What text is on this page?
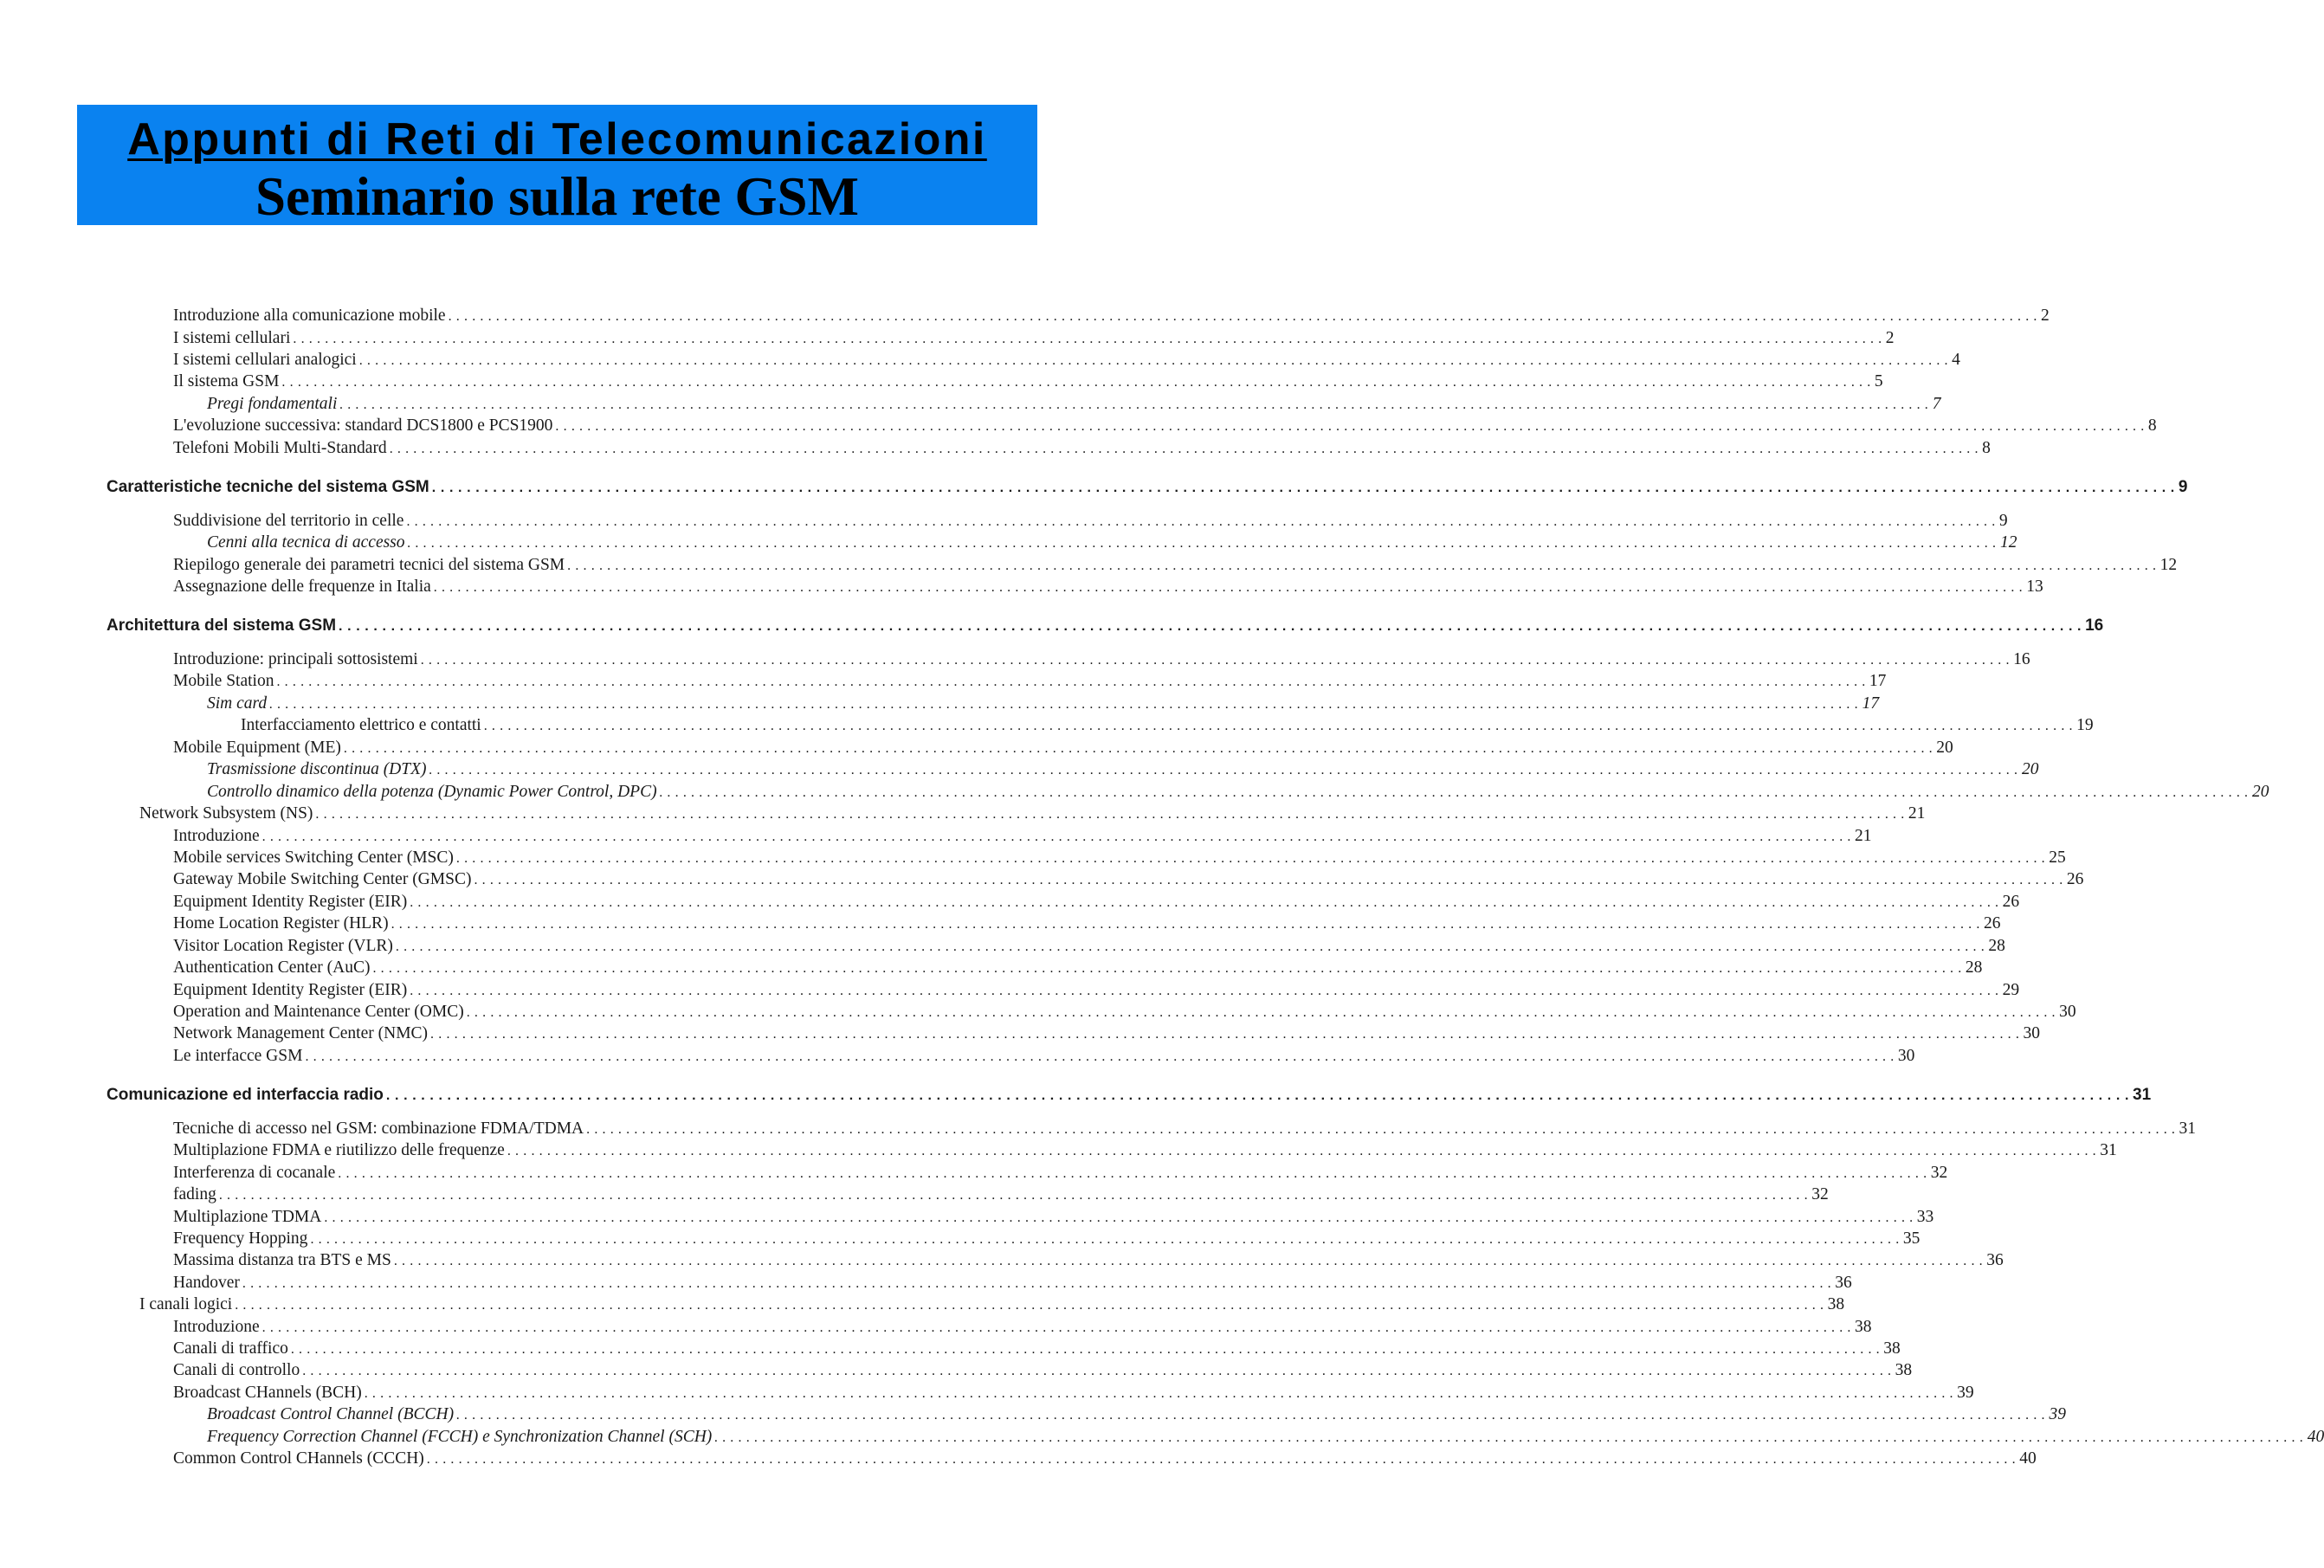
Appunti di Reti di Telecomunicazioni
Seminario sulla rete GSM
Introduzione alla comunicazione mobile . . . . . . . . . . . . . . . . . . . . . . . . . . . . . . . . . . . . . . . . . . . . . . . . . . . . . . . . . . . . . . . . . . . . . . . . . . . . . . . . . . . . . . . . . . . . . . . . . . . . . . . . . . . . . . . . . . . . . . . . . . . . . . . . . . . . . . . . . . . . . . . . . . . . . . . . . . . . . . . . . . . . . . . . . . . . . . . . . . . . . . . . . . . . . . . . . . . . . . . . 2
I sistemi cellulari . . . . . . . . . . . . . . . . . . . . . . . . . . . . . . . . . . . . . . . . . . . . . . . . . . . . . . . . . . . . . . . . . . . . . . . . . . . . . . . . . . . . . . . . . . . . . . . . . . . . . . . . . . . . . . . . . . . . . . . . . . . . . . . . . . . . . . . . . . . . . . . . . . . . . . . . . . . . . . . . . . . . . . . . . . . . . . . . . . . . . . . . . . . . . . . . . . . . . . . . 2
I sistemi cellulari analogici . . . . . . . . . . . . . . . . . . . . . . . . . . . . . . . . . . . . . . . . . . . . . . . . . . . . . . . . . . . . . . . . . . . . . . . . . . . . . . . . . . . . . . . . . . . . . . . . . . . . . . . . . . . . . . . . . . . . . . . . . . . . . . . . . . . . . . . . . . . . . . . . . . . . . . . . . . . . . . . . . . . . . . . . . . . . . . . . . . . . . . . . . . . . . . . . . . . . . . . . 4
Il sistema GSM . . . . . . . . . . . . . . . . . . . . . . . . . . . . . . . . . . . . . . . . . . . . . . . . . . . . . . . . . . . . . . . . . . . . . . . . . . . . . . . . . . . . . . . . . . . . . . . . . . . . . . . . . . . . . . . . . . . . . . . . . . . . . . . . . . . . . . . . . . . . . . . . . . . . . . . . . . . . . . . . . . . . . . . . . . . . . . . . . . . . . . . . . . . . . . . . . . . . . . . . 5
Pregi fondamentali . . . . . . . . . . . . . . . . . . . . . . . . . . . . . . . . . . . . . . . . . . . . . . . . . . . . . . . . . . . . . . . . . . . . . . . . . . . . . . . . . . . . . . . . . . . . . . . . . . . . . . . . . . . . . . . . . . . . . . . . . . . . . . . . . . . . . . . . . . . . . . . . . . . . . . . . . . . . . . . . . . . . . . . . . . . . . . . . . . . . . . . . . . . . . . . . . . . . . . . . 7
L'evoluzione successiva: standard DCS1800 e PCS1900 . . . . . . . . . . . . . . . . . . . . . . . . . . . . . . . . . . . . . . . . . . . . . . . . . . . . . . . . . . . . . . . . . . . . . . . . . . . . . . . . . . . . . . . . . . . . . . . . . . . . . . . . . . . . . . . . . . . . . . . . . . . . . . . . . . . . . . . . . . . . . . . . . . . . . . . . . . . . . . . . . . . . . . . . . . . . . . . . . . . . . . . . . . . . . . . . . . . . . . . . 8
Telefoni Mobili Multi-Standard . . . . . . . . . . . . . . . . . . . . . . . . . . . . . . . . . . . . . . . . . . . . . . . . . . . . . . . . . . . . . . . . . . . . . . . . . . . . . . . . . . . . . . . . . . . . . . . . . . . . . . . . . . . . . . . . . . . . . . . . . . . . . . . . . . . . . . . . . . . . . . . . . . . . . . . . . . . . . . . . . . . . . . . . . . . . . . . . . . . . . . . . . . . . . . . . . . . . . . . . 8
Caratteristiche tecniche del sistema GSM . . . . . . . . . . . . . . . . . . . . . . . . . . . . . . . . . . . . . . . . . . . . . . . . . . . . . . . . . . . . . . . . . . . . . . . . . . . . . . . . . . . . . . . . . . . . . . . . . . . . . . . . . . . . . . . . . . . . . . . . . . . . . . . . . . . . . . . . . . . . . . . . . . . . . . . . . . . . . . . . . . . . . . . . . . . . . . . . . . . . . . . . . . . . . . . . . . . . . . . . 9
Suddivisione del territorio in celle . . . . . . . . . . . . . . . . . . . . . . . . . . . . . . . . . . . . . . . . . . . . . . . . . . . . . . . . . . . . . . . . . . . . . . . . . . . . . . . . . . . . . . . . . . . . . . . . . . . . . . . . . . . . . . . . . . . . . . . . . . . . . . . . . . . . . . . . . . . . . . . . . . . . . . . . . . . . . . . . . . . . . . . . . . . . . . . . . . . . . . . . . . . . . . . . . . . . . . . . 9
Cenni alla tecnica di accesso . . . . . . . . . . . . . . . . . . . . . . . . . . . . . . . . . . . . . . . . . . . . . . . . . . . . . . . . . . . . . . . . . . . . . . . . . . . . . . . . . . . . . . . . . . . . . . . . . . . . . . . . . . . . . . . . . . . . . . . . . . . . . . . . . . . . . . . . . . . . . . . . . . . . . . . . . . . . . . . . . . . . . . . . . . . . . . . . . . . . . . . . . . . . . . . . . . . . . . . . 12
Riepilogo generale dei parametri tecnici del sistema GSM . . . . . . . . . . . . . . . . . . . . . . . . . . . . . . . . . . . . . . . . . . . . . . . . . . . . . . . . . . . . . . . . . . . . . . . . . . . . . . . . . . . . . . . . . . . . . . . . . . . . . . . . . . . . . . . . . . . . . . . . . . . . . . . . . . . . . . . . . . . . . . . . . . . . . . . . . . . . . . . . . . . . . . . . . . . . . . . . . . . . . . . . . . . . . . . . . . . . . . . . 12
Assegnazione delle frequenze in Italia . . . . . . . . . . . . . . . . . . . . . . . . . . . . . . . . . . . . . . . . . . . . . . . . . . . . . . . . . . . . . . . . . . . . . . . . . . . . . . . . . . . . . . . . . . . . . . . . . . . . . . . . . . . . . . . . . . . . . . . . . . . . . . . . . . . . . . . . . . . . . . . . . . . . . . . . . . . . . . . . . . . . . . . . . . . . . . . . . . . . . . . . . . . . . . . . . . . . . . . . 13
Architettura del sistema GSM . . . . . . . . . . . . . . . . . . . . . . . . . . . . . . . . . . . . . . . . . . . . . . . . . . . . . . . . . . . . . . . . . . . . . . . . . . . . . . . . . . . . . . . . . . . . . . . . . . . . . . . . . . . . . . . . . . . . . . . . . . . . . . . . . . . . . . . . . . . . . . . . . . . . . . . . . . . . . . . . . . . . . . . . . . . . . . . . . . . . . . . . . . . . . . . . . . . . . . . . 16
Introduzione: principali sottosistemi . . . . . . . . . . . . . . . . . . . . . . . . . . . . . . . . . . . . . . . . . . . . . . . . . . . . . . . . . . . . . . . . . . . . . . . . . . . . . . . . . . . . . . . . . . . . . . . . . . . . . . . . . . . . . . . . . . . . . . . . . . . . . . . . . . . . . . . . . . . . . . . . . . . . . . . . . . . . . . . . . . . . . . . . . . . . . . . . . . . . . . . . . . . . . . . . . . . . . . . . 16
Mobile Station . . . . . . . . . . . . . . . . . . . . . . . . . . . . . . . . . . . . . . . . . . . . . . . . . . . . . . . . . . . . . . . . . . . . . . . . . . . . . . . . . . . . . . . . . . . . . . . . . . . . . . . . . . . . . . . . . . . . . . . . . . . . . . . . . . . . . . . . . . . . . . . . . . . . . . . . . . . . . . . . . . . . . . . . . . . . . . . . . . . . . . . . . . . . . . . . . . . . . . . . 17
Sim card . . . . . . . . . . . . . . . . . . . . . . . . . . . . . . . . . . . . . . . . . . . . . . . . . . . . . . . . . . . . . . . . . . . . . . . . . . . . . . . . . . . . . . . . . . . . . . . . . . . . . . . . . . . . . . . . . . . . . . . . . . . . . . . . . . . . . . . . . . . . . . . . . . . . . . . . . . . . . . . . . . . . . . . . . . . . . . . . . . . . . . . . . . . . . . . . . . . . . . . . 17
Interfacciamento elettrico e contatti . . . . . . . . . . . . . . . . . . . . . . . . . . . . . . . . . . . . . . . . . . . . . . . . . . . . . . . . . . . . . . . . . . . . . . . . . . . . . . . . . . . . . . . . . . . . . . . . . . . . . . . . . . . . . . . . . . . . . . . . . . . . . . . . . . . . . . . . . . . . . . . . . . . . . . . . . . . . . . . . . . . . . . . . . . . . . . . . . . . . . . . . . . . . . . . . . . . . . . . . 19
Mobile Equipment (ME) . . . . . . . . . . . . . . . . . . . . . . . . . . . . . . . . . . . . . . . . . . . . . . . . . . . . . . . . . . . . . . . . . . . . . . . . . . . . . . . . . . . . . . . . . . . . . . . . . . . . . . . . . . . . . . . . . . . . . . . . . . . . . . . . . . . . . . . . . . . . . . . . . . . . . . . . . . . . . . . . . . . . . . . . . . . . . . . . . . . . . . . . . . . . . . . . . . . . . . . . 20
Trasmissione discontinua (DTX) . . . . . . . . . . . . . . . . . . . . . . . . . . . . . . . . . . . . . . . . . . . . . . . . . . . . . . . . . . . . . . . . . . . . . . . . . . . . . . . . . . . . . . . . . . . . . . . . . . . . . . . . . . . . . . . . . . . . . . . . . . . . . . . . . . . . . . . . . . . . . . . . . . . . . . . . . . . . . . . . . . . . . . . . . . . . . . . . . . . . . . . . . . . . . . . . . . . . . . . . 20
Controllo dinamico della potenza (Dynamic Power Control, DPC) . . . . . . . . . . . . . . . . . . . . . . . . . . . . . . . . . . . . . . . . . . . . . . . . . . . . . . . . . . . . . . . . . . . . . . . . . . . . . . . . . . . . . . . . . . . . . . . . . . . . . . . . . . . . . . . . . . . . . . . . . . . . . . . . . . . . . . . . . . . . . . . . . . . . . . . . . . . . . . . . . . . . . . . . . . . . . . . . . . . . . . . . . . . . . . . . . . . . . . . . 20
Network Subsystem (NS) . . . . . . . . . . . . . . . . . . . . . . . . . . . . . . . . . . . . . . . . . . . . . . . . . . . . . . . . . . . . . . . . . . . . . . . . . . . . . . . . . . . . . . . . . . . . . . . . . . . . . . . . . . . . . . . . . . . . . . . . . . . . . . . . . . . . . . . . . . . . . . . . . . . . . . . . . . . . . . . . . . . . . . . . . . . . . . . . . . . . . . . . . . . . . . . . . . . . . . . . 21
Introduzione . . . . . . . . . . . . . . . . . . . . . . . . . . . . . . . . . . . . . . . . . . . . . . . . . . . . . . . . . . . . . . . . . . . . . . . . . . . . . . . . . . . . . . . . . . . . . . . . . . . . . . . . . . . . . . . . . . . . . . . . . . . . . . . . . . . . . . . . . . . . . . . . . . . . . . . . . . . . . . . . . . . . . . . . . . . . . . . . . . . . . . . . . . . . . . . . . . . . . . . . 21
Mobile services Switching Center (MSC) . . . . . . . . . . . . . . . . . . . . . . . . . . . . . . . . . . . . . . . . . . . . . . . . . . . . . . . . . . . . . . . . . . . . . . . . . . . . . . . . . . . . . . . . . . . . . . . . . . . . . . . . . . . . . . . . . . . . . . . . . . . . . . . . . . . . . . . . . . . . . . . . . . . . . . . . . . . . . . . . . . . . . . . . . . . . . . . . . . . . . . . . . . . . . . . . . . . . . . . . 25
Gateway Mobile Switching Center (GMSC) . . . . . . . . . . . . . . . . . . . . . . . . . . . . . . . . . . . . . . . . . . . . . . . . . . . . . . . . . . . . . . . . . . . . . . . . . . . . . . . . . . . . . . . . . . . . . . . . . . . . . . . . . . . . . . . . . . . . . . . . . . . . . . . . . . . . . . . . . . . . . . . . . . . . . . . . . . . . . . . . . . . . . . . . . . . . . . . . . . . . . . . . . . . . . . . . . . . . . . . . 26
Equipment Identity Register (EIR) . . . . . . . . . . . . . . . . . . . . . . . . . . . . . . . . . . . . . . . . . . . . . . . . . . . . . . . . . . . . . . . . . . . . . . . . . . . . . . . . . . . . . . . . . . . . . . . . . . . . . . . . . . . . . . . . . . . . . . . . . . . . . . . . . . . . . . . . . . . . . . . . . . . . . . . . . . . . . . . . . . . . . . . . . . . . . . . . . . . . . . . . . . . . . . . . . . . . . . . . 26
Home Location Register (HLR) . . . . . . . . . . . . . . . . . . . . . . . . . . . . . . . . . . . . . . . . . . . . . . . . . . . . . . . . . . . . . . . . . . . . . . . . . . . . . . . . . . . . . . . . . . . . . . . . . . . . . . . . . . . . . . . . . . . . . . . . . . . . . . . . . . . . . . . . . . . . . . . . . . . . . . . . . . . . . . . . . . . . . . . . . . . . . . . . . . . . . . . . . . . . . . . . . . . . . . . . 26
Visitor Location Register (VLR) . . . . . . . . . . . . . . . . . . . . . . . . . . . . . . . . . . . . . . . . . . . . . . . . . . . . . . . . . . . . . . . . . . . . . . . . . . . . . . . . . . . . . . . . . . . . . . . . . . . . . . . . . . . . . . . . . . . . . . . . . . . . . . . . . . . . . . . . . . . . . . . . . . . . . . . . . . . . . . . . . . . . . . . . . . . . . . . . . . . . . . . . . . . . . . . . . . . . . . . . 28
Authentication Center (AuC) . . . . . . . . . . . . . . . . . . . . . . . . . . . . . . . . . . . . . . . . . . . . . . . . . . . . . . . . . . . . . . . . . . . . . . . . . . . . . . . . . . . . . . . . . . . . . . . . . . . . . . . . . . . . . . . . . . . . . . . . . . . . . . . . . . . . . . . . . . . . . . . . . . . . . . . . . . . . . . . . . . . . . . . . . . . . . . . . . . . . . . . . . . . . . . . . . . . . . . . . 28
Equipment Identity Register (EIR) . . . . . . . . . . . . . . . . . . . . . . . . . . . . . . . . . . . . . . . . . . . . . . . . . . . . . . . . . . . . . . . . . . . . . . . . . . . . . . . . . . . . . . . . . . . . . . . . . . . . . . . . . . . . . . . . . . . . . . . . . . . . . . . . . . . . . . . . . . . . . . . . . . . . . . . . . . . . . . . . . . . . . . . . . . . . . . . . . . . . . . . . . . . . . . . . . . . . . . . . 29
Operation and Maintenance Center (OMC) . . . . . . . . . . . . . . . . . . . . . . . . . . . . . . . . . . . . . . . . . . . . . . . . . . . . . . . . . . . . . . . . . . . . . . . . . . . . . . . . . . . . . . . . . . . . . . . . . . . . . . . . . . . . . . . . . . . . . . . . . . . . . . . . . . . . . . . . . . . . . . . . . . . . . . . . . . . . . . . . . . . . . . . . . . . . . . . . . . . . . . . . . . . . . . . . . . . . . . . . 30
Network Management Center (NMC) . . . . . . . . . . . . . . . . . . . . . . . . . . . . . . . . . . . . . . . . . . . . . . . . . . . . . . . . . . . . . . . . . . . . . . . . . . . . . . . . . . . . . . . . . . . . . . . . . . . . . . . . . . . . . . . . . . . . . . . . . . . . . . . . . . . . . . . . . . . . . . . . . . . . . . . . . . . . . . . . . . . . . . . . . . . . . . . . . . . . . . . . . . . . . . . . . . . . . . . . 30
Le interfacce GSM . . . . . . . . . . . . . . . . . . . . . . . . . . . . . . . . . . . . . . . . . . . . . . . . . . . . . . . . . . . . . . . . . . . . . . . . . . . . . . . . . . . . . . . . . . . . . . . . . . . . . . . . . . . . . . . . . . . . . . . . . . . . . . . . . . . . . . . . . . . . . . . . . . . . . . . . . . . . . . . . . . . . . . . . . . . . . . . . . . . . . . . . . . . . . . . . . . . . . . . . 30
Comunicazione ed interfaccia radio . . . . . . . . . . . . . . . . . . . . . . . . . . . . . . . . . . . . . . . . . . . . . . . . . . . . . . . . . . . . . . . . . . . . . . . . . . . . . . . . . . . . . . . . . . . . . . . . . . . . . . . . . . . . . . . . . . . . . . . . . . . . . . . . . . . . . . . . . . . . . . . . . . . . . . . . . . . . . . . . . . . . . . . . . . . . . . . . . . . . . . . . . . . . . . . . . . . . . . . . 31
Tecniche di accesso nel GSM: combinazione FDMA/TDMA . . . . . . . . . . . . . . . . . . . . . . . . . . . . . . . . . . . . . . . . . . . . . . . . . . . . . . . . . . . . . . . . . . . . . . . . . . . . . . . . . . . . . . . . . . . . . . . . . . . . . . . . . . . . . . . . . . . . . . . . . . . . . . . . . . . . . . . . . . . . . . . . . . . . . . . . . . . . . . . . . . . . . . . . . . . . . . . . . . . . . . . . . . . . . . . . . . . . . . . . 31
Multiplazione FDMA e riutilizzo delle frequenze . . . . . . . . . . . . . . . . . . . . . . . . . . . . . . . . . . . . . . . . . . . . . . . . . . . . . . . . . . . . . . . . . . . . . . . . . . . . . . . . . . . . . . . . . . . . . . . . . . . . . . . . . . . . . . . . . . . . . . . . . . . . . . . . . . . . . . . . . . . . . . . . . . . . . . . . . . . . . . . . . . . . . . . . . . . . . . . . . . . . . . . . . . . . . . . . . . . . . . . . 31
Interferenza di cocanale . . . . . . . . . . . . . . . . . . . . . . . . . . . . . . . . . . . . . . . . . . . . . . . . . . . . . . . . . . . . . . . . . . . . . . . . . . . . . . . . . . . . . . . . . . . . . . . . . . . . . . . . . . . . . . . . . . . . . . . . . . . . . . . . . . . . . . . . . . . . . . . . . . . . . . . . . . . . . . . . . . . . . . . . . . . . . . . . . . . . . . . . . . . . . . . . . . . . . . . . 32
fading . . . . . . . . . . . . . . . . . . . . . . . . . . . . . . . . . . . . . . . . . . . . . . . . . . . . . . . . . . . . . . . . . . . . . . . . . . . . . . . . . . . . . . . . . . . . . . . . . . . . . . . . . . . . . . . . . . . . . . . . . . . . . . . . . . . . . . . . . . . . . . . . . . . . . . . . . . . . . . . . . . . . . . . . . . . . . . . . . . . . . . . . . . . . . . . . . . . . . . . . 32
Multiplazione TDMA . . . . . . . . . . . . . . . . . . . . . . . . . . . . . . . . . . . . . . . . . . . . . . . . . . . . . . . . . . . . . . . . . . . . . . . . . . . . . . . . . . . . . . . . . . . . . . . . . . . . . . . . . . . . . . . . . . . . . . . . . . . . . . . . . . . . . . . . . . . . . . . . . . . . . . . . . . . . . . . . . . . . . . . . . . . . . . . . . . . . . . . . . . . . . . . . . . . . . . . . 33
Frequency Hopping . . . . . . . . . . . . . . . . . . . . . . . . . . . . . . . . . . . . . . . . . . . . . . . . . . . . . . . . . . . . . . . . . . . . . . . . . . . . . . . . . . . . . . . . . . . . . . . . . . . . . . . . . . . . . . . . . . . . . . . . . . . . . . . . . . . . . . . . . . . . . . . . . . . . . . . . . . . . . . . . . . . . . . . . . . . . . . . . . . . . . . . . . . . . . . . . . . . . . . . . 35
Massima distanza tra BTS e MS . . . . . . . . . . . . . . . . . . . . . . . . . . . . . . . . . . . . . . . . . . . . . . . . . . . . . . . . . . . . . . . . . . . . . . . . . . . . . . . . . . . . . . . . . . . . . . . . . . . . . . . . . . . . . . . . . . . . . . . . . . . . . . . . . . . . . . . . . . . . . . . . . . . . . . . . . . . . . . . . . . . . . . . . . . . . . . . . . . . . . . . . . . . . . . . . . . . . . . . . 36
Handover . . . . . . . . . . . . . . . . . . . . . . . . . . . . . . . . . . . . . . . . . . . . . . . . . . . . . . . . . . . . . . . . . . . . . . . . . . . . . . . . . . . . . . . . . . . . . . . . . . . . . . . . . . . . . . . . . . . . . . . . . . . . . . . . . . . . . . . . . . . . . . . . . . . . . . . . . . . . . . . . . . . . . . . . . . . . . . . . . . . . . . . . . . . . . . . . . . . . . . . . 36
I canali logici . . . . . . . . . . . . . . . . . . . . . . . . . . . . . . . . . . . . . . . . . . . . . . . . . . . . . . . . . . . . . . . . . . . . . . . . . . . . . . . . . . . . . . . . . . . . . . . . . . . . . . . . . . . . . . . . . . . . . . . . . . . . . . . . . . . . . . . . . . . . . . . . . . . . . . . . . . . . . . . . . . . . . . . . . . . . . . . . . . . . . . . . . . . . . . . . . . . . . . . . 38
Introduzione . . . . . . . . . . . . . . . . . . . . . . . . . . . . . . . . . . . . . . . . . . . . . . . . . . . . . . . . . . . . . . . . . . . . . . . . . . . . . . . . . . . . . . . . . . . . . . . . . . . . . . . . . . . . . . . . . . . . . . . . . . . . . . . . . . . . . . . . . . . . . . . . . . . . . . . . . . . . . . . . . . . . . . . . . . . . . . . . . . . . . . . . . . . . . . . . . . . . . . . . 38
Canali di traffico . . . . . . . . . . . . . . . . . . . . . . . . . . . . . . . . . . . . . . . . . . . . . . . . . . . . . . . . . . . . . . . . . . . . . . . . . . . . . . . . . . . . . . . . . . . . . . . . . . . . . . . . . . . . . . . . . . . . . . . . . . . . . . . . . . . . . . . . . . . . . . . . . . . . . . . . . . . . . . . . . . . . . . . . . . . . . . . . . . . . . . . . . . . . . . . . . . . . . . . . 38
Canali di controllo . . . . . . . . . . . . . . . . . . . . . . . . . . . . . . . . . . . . . . . . . . . . . . . . . . . . . . . . . . . . . . . . . . . . . . . . . . . . . . . . . . . . . . . . . . . . . . . . . . . . . . . . . . . . . . . . . . . . . . . . . . . . . . . . . . . . . . . . . . . . . . . . . . . . . . . . . . . . . . . . . . . . . . . . . . . . . . . . . . . . . . . . . . . . . . . . . . . . . . . . 38
Broadcast CHannels (BCH) . . . . . . . . . . . . . . . . . . . . . . . . . . . . . . . . . . . . . . . . . . . . . . . . . . . . . . . . . . . . . . . . . . . . . . . . . . . . . . . . . . . . . . . . . . . . . . . . . . . . . . . . . . . . . . . . . . . . . . . . . . . . . . . . . . . . . . . . . . . . . . . . . . . . . . . . . . . . . . . . . . . . . . . . . . . . . . . . . . . . . . . . . . . . . . . . . . . . . . . . 39
Broadcast Control Channel (BCCH) . . . . . . . . . . . . . . . . . . . . . . . . . . . . . . . . . . . . . . . . . . . . . . . . . . . . . . . . . . . . . . . . . . . . . . . . . . . . . . . . . . . . . . . . . . . . . . . . . . . . . . . . . . . . . . . . . . . . . . . . . . . . . . . . . . . . . . . . . . . . . . . . . . . . . . . . . . . . . . . . . . . . . . . . . . . . . . . . . . . . . . . . . . . . . . . . . . . . . . . . 39
Frequency Correction Channel (FCCH) e Synchronization Channel (SCH) . . . . . . . . . . . . . . . . . . . . . . . . . . . . . . . . . . . . . . . . . . . . . . . . . . . . . . . . . . . . . . . . . . . . . . . . . . . . . . . . . . . . . . . . . . . . . . . . . . . . . . . . . . . . . . . . . . . . . . . . . . . . . . . . . . . . . . . . . . . . . . . . . . . . . . . . . . . . . . . . . . . . . . . . . . . . . . . . . . . . . . . . . . . . . . . . . . . . . . . . 40
Common Control CHannels (CCCH) . . . . . . . . . . . . . . . . . . . . . . . . . . . . . . . . . . . . . . . . . . . . . . . . . . . . . . . . . . . . . . . . . . . . . . . . . . . . . . . . . . . . . . . . . . . . . . . . . . . . . . . . . . . . . . . . . . . . . . . . . . . . . . . . . . . . . . . . . . . . . . . . . . . . . . . . . . . . . . . . . . . . . . . . . . . . . . . . . . . . . . . . . . . . . . . . . . . . . . . . 40
